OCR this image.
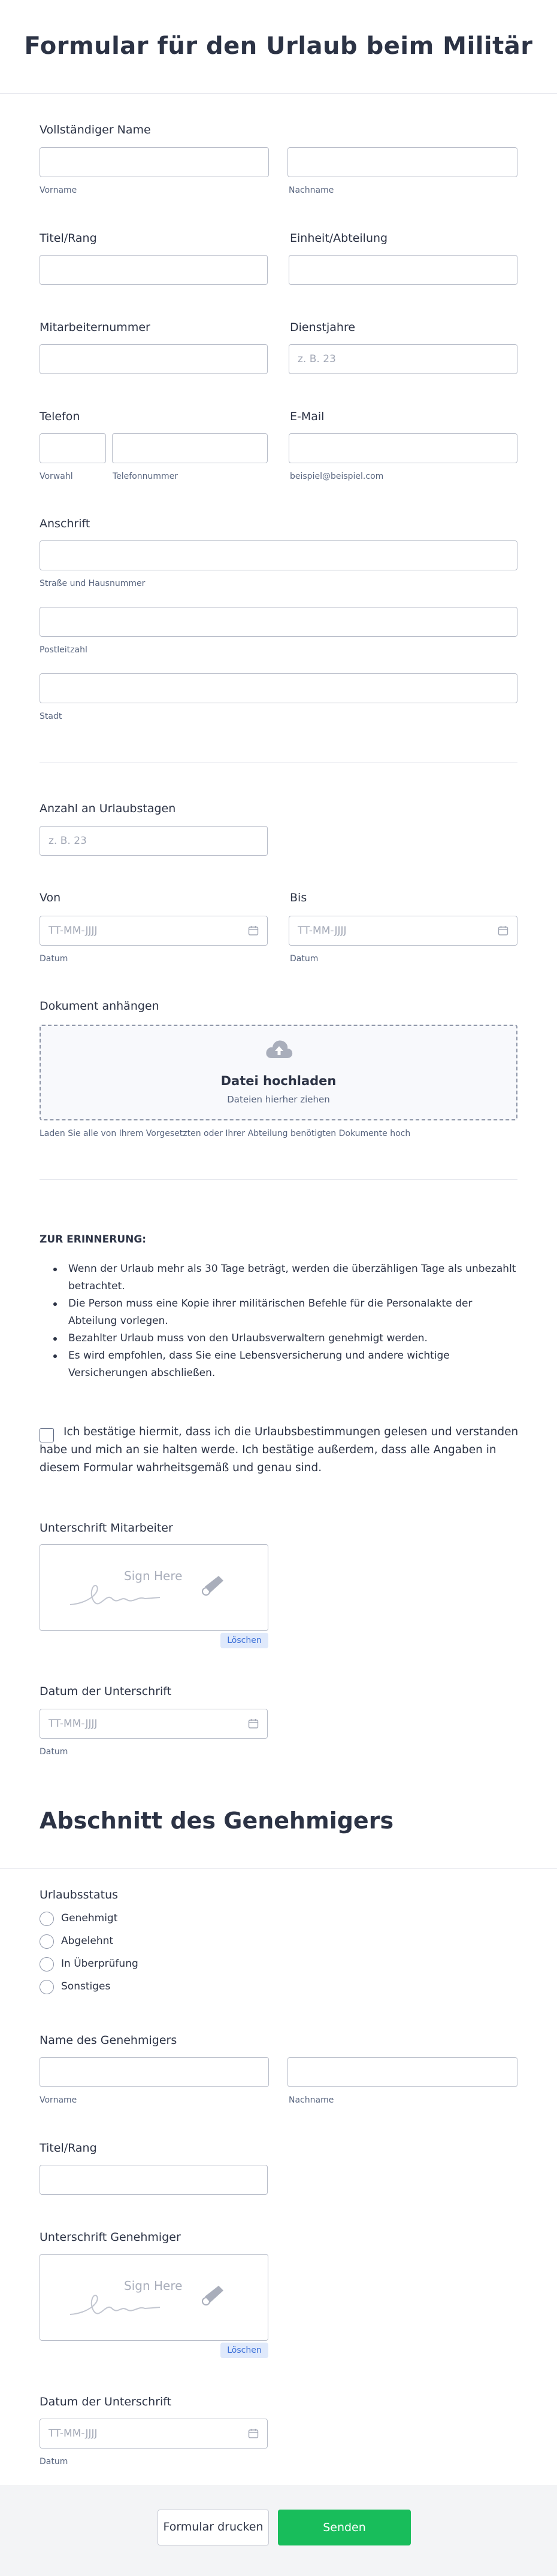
Formular für den Urlaub beim Militär
Vollständiger Name
Vorname	Nachname
Titel/Rang	Einheit/Abteilung
Mitarbeiternummer	Dienstjahre
z. B. 23
Telefon	E-Mail
Vorwahl	Telefonnummer	beispiel@beispiel.com
Anschrift
Straße und Hausnummer
Postleitzahl
Stadt
Anzahl an Urlaubstagen
z. B. 23
Von	Bis
TT-MM-JJJJ	TT-MM-JJJJ
Datum	Datum
Dokument anhängen
Datei hochladen
Dateien hierher ziehen
Laden Sie alle von Ihrem Vorgesetzten oder Ihrer Abteilung benötigten Dokumente hoch
ZUR ERINNERUNG:
Wenn der Urlaub mehr als 30 Tage beträgt, werden die überzähligen Tage als unbezahlt betrachtet.
Die Person muss eine Kopie ihrer militärischen Befehle für die Personalakte der Abteilung vorlegen.
Bezahlter Urlaub muss von den Urlaubsverwaltern genehmigt werden.
Es wird empfohlen, dass Sie eine Lebensversicherung und andere wichtige Versicherungen abschließen.
Ich bestätige hiermit, dass ich die Urlaubsbestimmungen gelesen und verstanden habe und mich an sie halten werde. Ich bestätige außerdem, dass alle Angaben in diesem Formular wahrheitsgemäß und genau sind.
Unterschrift Mitarbeiter
Sign Here
Löschen
Datum der Unterschrift
TT-MM-JJJJ
Datum
Abschnitt des Genehmigers
Urlaubsstatus
Genehmigt
Abgelehnt
In Überprüfung
Sonstiges
Name des Genehmigers
Vorname	Nachname
Titel/Rang
Unterschrift Genehmiger
Sign Here
Löschen
Datum der Unterschrift
TT-MM-JJJJ
Datum
Formular drucken	Senden
